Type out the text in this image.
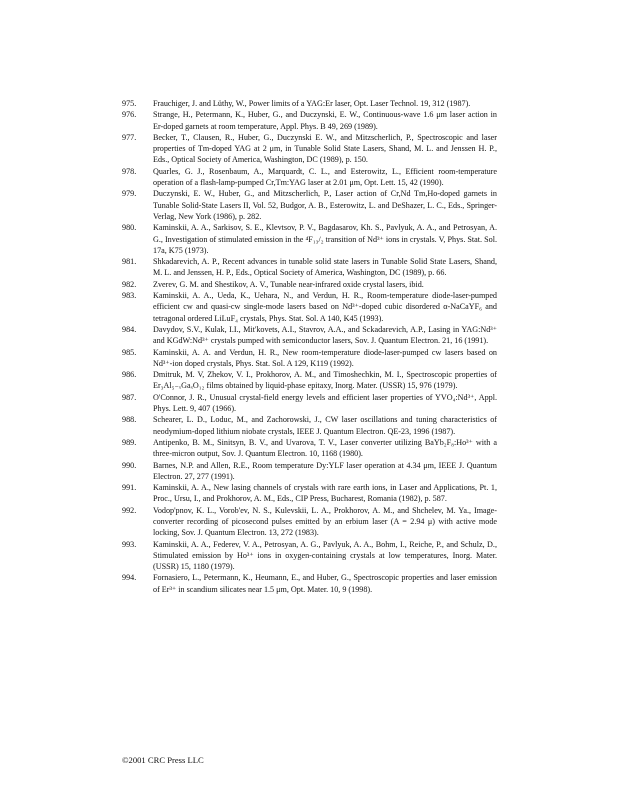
975.	Frauchiger, J. and Lüthy, W., Power limits of a YAG:Er laser, Opt. Laser Technol. 19, 312 (1987).
976.	Strange, H., Petermann, K., Huber, G., and Duczynski, E. W., Continuous-wave 1.6 μm laser action in Er-doped garnets at room temperature, Appl. Phys. B 49, 269 (1989).
977.	Becker, T., Clausen, R., Huber, G., Duczynski E. W., and Mitzscherlich, P., Spectroscopic and laser properties of Tm-doped YAG at 2 μm, in Tunable Solid State Lasers, Shand, M. L. and Jenssen H. P., Eds., Optical Society of America, Washington, DC (1989), p. 150.
978.	Quarles, G. J., Rosenbaum, A., Marquardt, C. L., and Esterowitz, L., Efficient room-temperature operation of a flash-lamp-pumped Cr,Tm:YAG laser at 2.01 μm, Opt. Lett. 15, 42 (1990).
979.	Duczynski, E. W., Huber, G., and Mitzscherlich, P., Laser action of Cr,Nd Tm,Ho-doped garnets in Tunable Solid-State Lasers II, Vol. 52, Budgor, A. B., Esterowitz, L. and DeShazer, L. C., Eds., Springer-Verlag, New York (1986), p. 282.
980.	Kaminskii, A. A., Sarkisov, S. E., Klevtsov, P. V., Bagdasarov, Kh. S., Pavlyuk, A. A., and Petrosyan, A. G., Investigation of stimulated emission in the ⁴F₁₃/₂ transition of Nd³⁺ ions in crystals. V, Phys. Stat. Sol. 17a, K75 (1973).
981.	Shkadarevich, A. P., Recent advances in tunable solid state lasers in Tunable Solid State Lasers, Shand, M. L. and Jenssen, H. P., Eds., Optical Society of America, Washington, DC (1989), p. 66.
982.	Zverev, G. M. and Shestikov, A. V., Tunable near-infrared oxide crystal lasers, ibid.
983.	Kaminskii, A. A., Ueda, K., Uehara, N., and Verdun, H. R., Room-temperature diode-laser-pumped efficient cw and quasi-cw single-mode lasers based on Nd³⁺-doped cubic disordered α-NaCaYF₆ and tetragonal ordered LiLuF₄ crystals, Phys. Stat. Sol. A 140, K45 (1993).
984.	Davydov, S.V., Kulak, I.I., Mit'kovets, A.I., Stavrov, A.A., and Sckadarevich, A.P., Lasing in YAG:Nd³⁺ and KGdW:Nd³⁺ crystals pumped with semiconductor lasers, Sov. J. Quantum Electron. 21, 16 (1991).
985.	Kaminskii, A. A. and Verdun, H. R., New room-temperature diode-laser-pumped cw lasers based on Nd³⁺-ion doped crystals, Phys. Stat. Sol. A 129, K119 (1992).
986.	Dmitruk, M. V, Zhekov, V. I., Prokhorov, A. M., and Timoshechkin, M. I., Spectroscopic properties of Er₃Al₅₋ₓGaₓO₁₂ films obtained by liquid-phase epitaxy, Inorg. Mater. (USSR) 15, 976 (1979).
987.	O'Connor, J. R., Unusual crystal-field energy levels and efficient laser properties of YVO₄:Nd³⁺, Appl. Phys. Lett. 9, 407 (1966).
988.	Schearer, L. D., Loduc, M., and Zachorowski, J., CW laser oscillations and tuning characteristics of neodymium-doped lithium niobate crystals, IEEE J. Quantum Electron. QE-23, 1996 (1987).
989.	Antipenko, B. M., Sinitsyn, B. V., and Uvarova, T. V., Laser converter utilizing BaYb₂F₈:Ho³⁺ with a three-micron output, Sov. J. Quantum Electron. 10, 1168 (1980).
990.	Barnes, N.P. and Allen, R.E., Room temperature Dy:YLF laser operation at 4.34 μm, IEEE J. Quantum Electron. 27, 277 (1991).
991.	Kaminskii, A. A., New lasing channels of crystals with rare earth ions, in Laser and Applications, Pt. 1, Proc., Ursu, I., and Prokhorov, A. M., Eds., CIP Press, Bucharest, Romania (1982), p. 587.
992.	Vodop'pnov, K. L., Vorob'ev, N. S., Kulevskii, L. A., Prokhorov, A. M., and Shchelev, M. Ya., Image-converter recording of picosecond pulses emitted by an erbium laser (A = 2.94 μ) with active mode locking, Sov. J. Quantum Electron. 13, 272 (1983).
993.	Kaminskii, A. A., Federev, V. A., Petrosyan, A. G., Pavlyuk, A. A., Bohm, I., Reiche, P., and Schulz, D., Stimulated emission by Ho³⁺ ions in oxygen-containing crystals at low temperatures, Inorg. Mater. (USSR) 15, 1180 (1979).
994.	Fornasiero, L., Petermann, K., Heumann, E., and Huber, G., Spectroscopic properties and laser emission of Er³⁺ in scandium silicates near 1.5 μm, Opt. Mater. 10, 9 (1998).
©2001 CRC Press LLC
